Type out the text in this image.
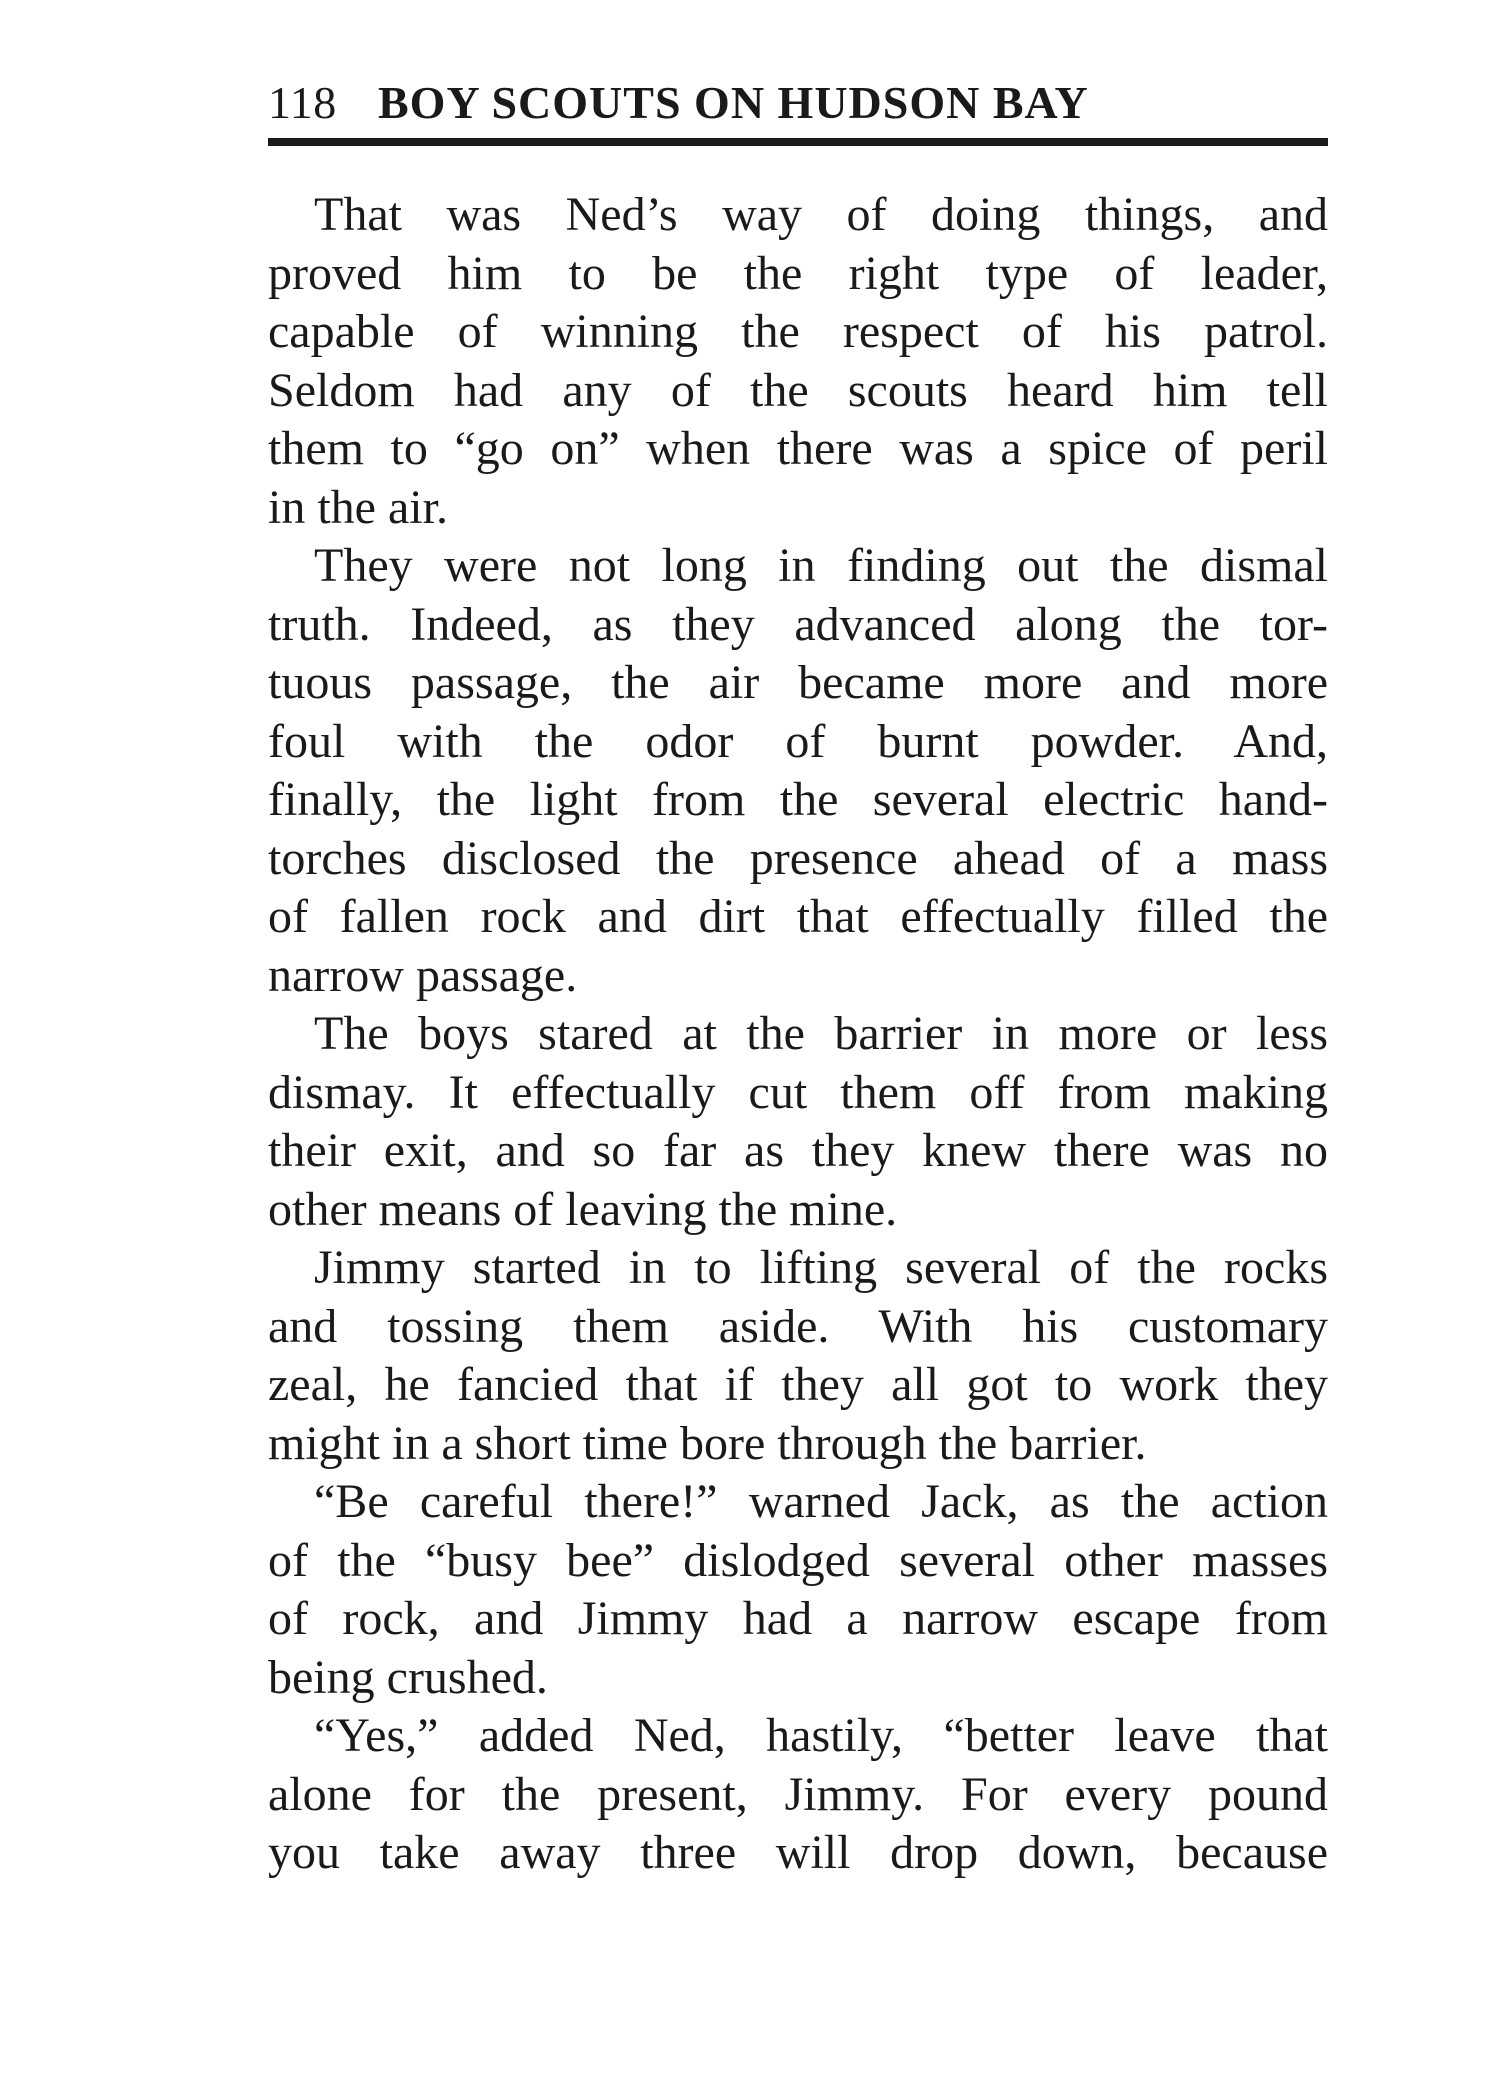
118 BOY SCOUTS ON HUDSON BAY
That was Ned’s way of doing things, and
proved him to be the right type of leader,
capable of winning the respect of his patrol.
Seldom had any of the scouts heard him tell
them to “go on” when there was a spice of peril
in the air.
They were not long in finding out the dismal
truth. Indeed, as they advanced along the tor-
tuous passage, the air became more and more
foul with the odor of burnt powder. And,
finally, the light from the several electric hand-
torches disclosed the presence ahead of a mass
of fallen rock and dirt that effectually filled the
narrow passage.
The boys stared at the barrier in more or less
dismay. It effectually cut them off from making
their exit, and so far as they knew there was no
other means of leaving the mine.
Jimmy started in to lifting several of the rocks
and tossing them aside. With his customary
zeal, he fancied that if they all got to work they
might in a short time bore through the barrier.
“Be careful there!” warned Jack, as the action
of the “busy bee” dislodged several other masses
of rock, and Jimmy had a narrow escape from
being crushed.
“Yes,” added Ned, hastily, “better leave that
alone for the present, Jimmy. For every pound
you take away three will drop down, because
